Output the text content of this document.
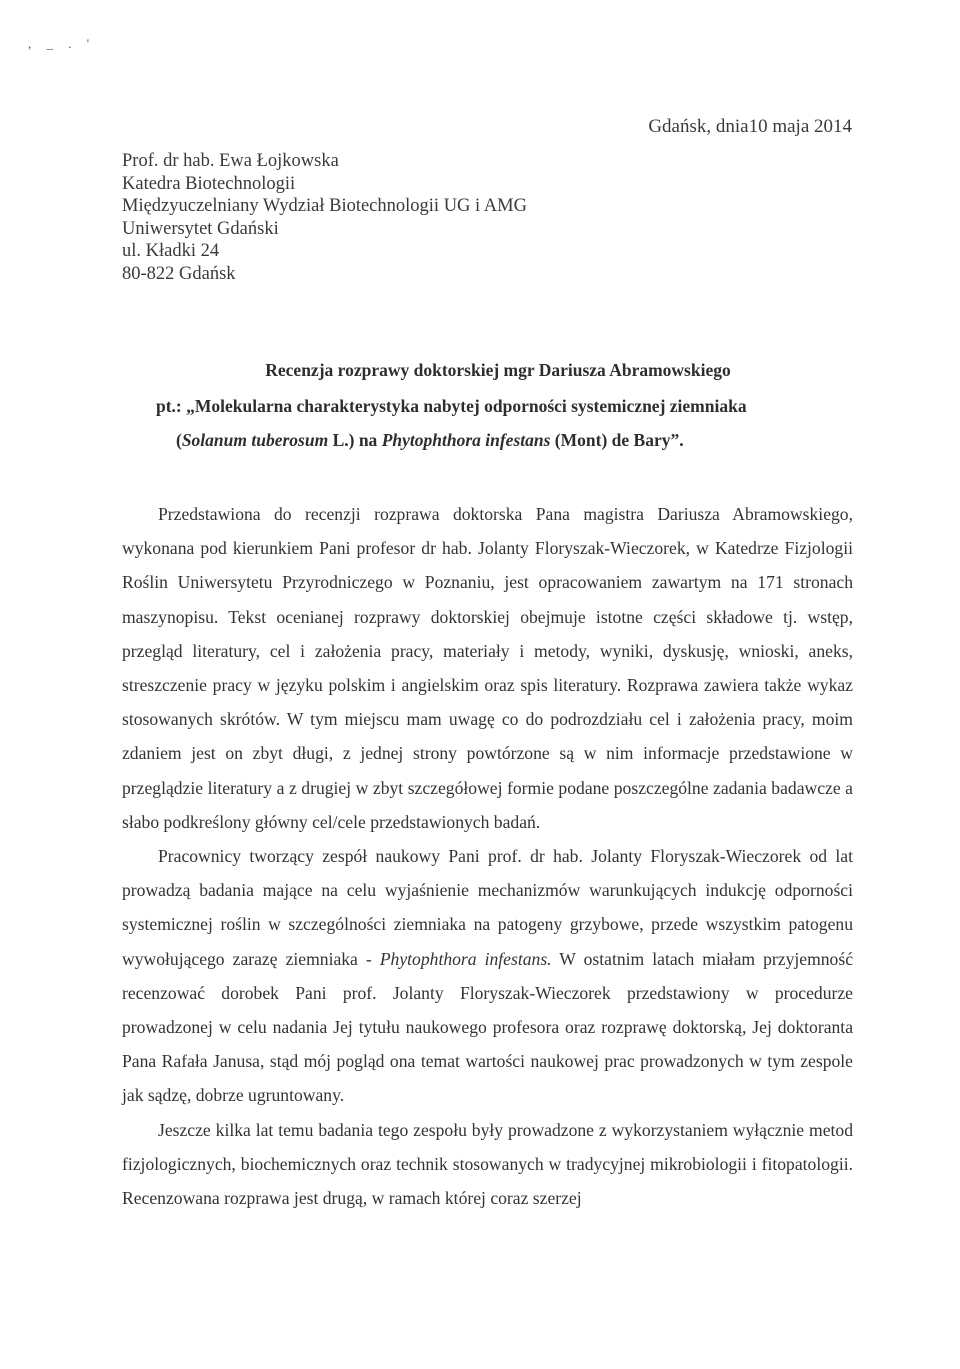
, _ . '
Gdańsk, dnia10 maja 2014
Prof. dr hab. Ewa Łojkowska
Katedra Biotechnologii
Międzyuczelniany Wydział Biotechnologii UG i AMG
Uniwersytet Gdański
ul. Kładki 24
80-822 Gdańsk
Recenzja rozprawy doktorskiej mgr Dariusza Abramowskiego
pt.: „Molekularna charakterystyka nabytej odporności systemicznej ziemniaka
(Solanum tuberosum L.) na Phytophthora infestans (Mont) de Bary”.

Przedstawiona do recenzji rozprawa doktorska Pana magistra Dariusza Abramowskiego, wykonana pod kierunkiem Pani profesor dr hab. Jolanty Floryszak-Wieczorek, w Katedrze Fizjologii Roślin Uniwersytetu Przyrodniczego w Poznaniu, jest opracowaniem zawartym na 171 stronach maszynopisu. Tekst ocenianej rozprawy doktorskiej obejmuje istotne części składowe tj. wstęp, przegląd literatury, cel i założenia pracy, materiały i metody, wyniki, dyskusję, wnioski, aneks, streszczenie pracy w języku polskim i angielskim oraz spis literatury. Rozprawa zawiera także wykaz stosowanych skrótów. W tym miejscu mam uwagę co do podrozdziału cel i założenia pracy, moim zdaniem jest on zbyt długi, z jednej strony powtórzone są w nim informacje przedstawione w przeglądzie literatury a z drugiej w zbyt szczegółowej formie podane poszczególne zadania badawcze a słabo podkreślony główny cel/cele przedstawionych badań.

Pracownicy tworzący zespół naukowy Pani prof. dr hab. Jolanty Floryszak-Wieczorek od lat prowadzą badania mające na celu wyjaśnienie mechanizmów warunkujących indukcję odporności systemicznej roślin w szczególności ziemniaka na patogeny grzybowe, przede wszystkim patogenu wywołującego zarazę ziemniaka - Phytophthora infestans. W ostatnim latach miałam przyjemność recenzować dorobek Pani prof. Jolanty Floryszak-Wieczorek przedstawiony w procedurze prowadzonej w celu nadania Jej tytułu naukowego profesora oraz rozprawę doktorską, Jej doktoranta Pana Rafała Janusa, stąd mój pogląd ona temat wartości naukowej prac prowadzonych w tym zespole jak sądzę, dobrze ugruntowany.

Jeszcze kilka lat temu badania tego zespołu były prowadzone z wykorzystaniem wyłącznie metod fizjologicznych, biochemicznych oraz technik stosowanych w tradycyjnej mikrobiologii i fitopatologii. Recenzowana rozprawa jest drugą, w ramach której coraz szerzej
